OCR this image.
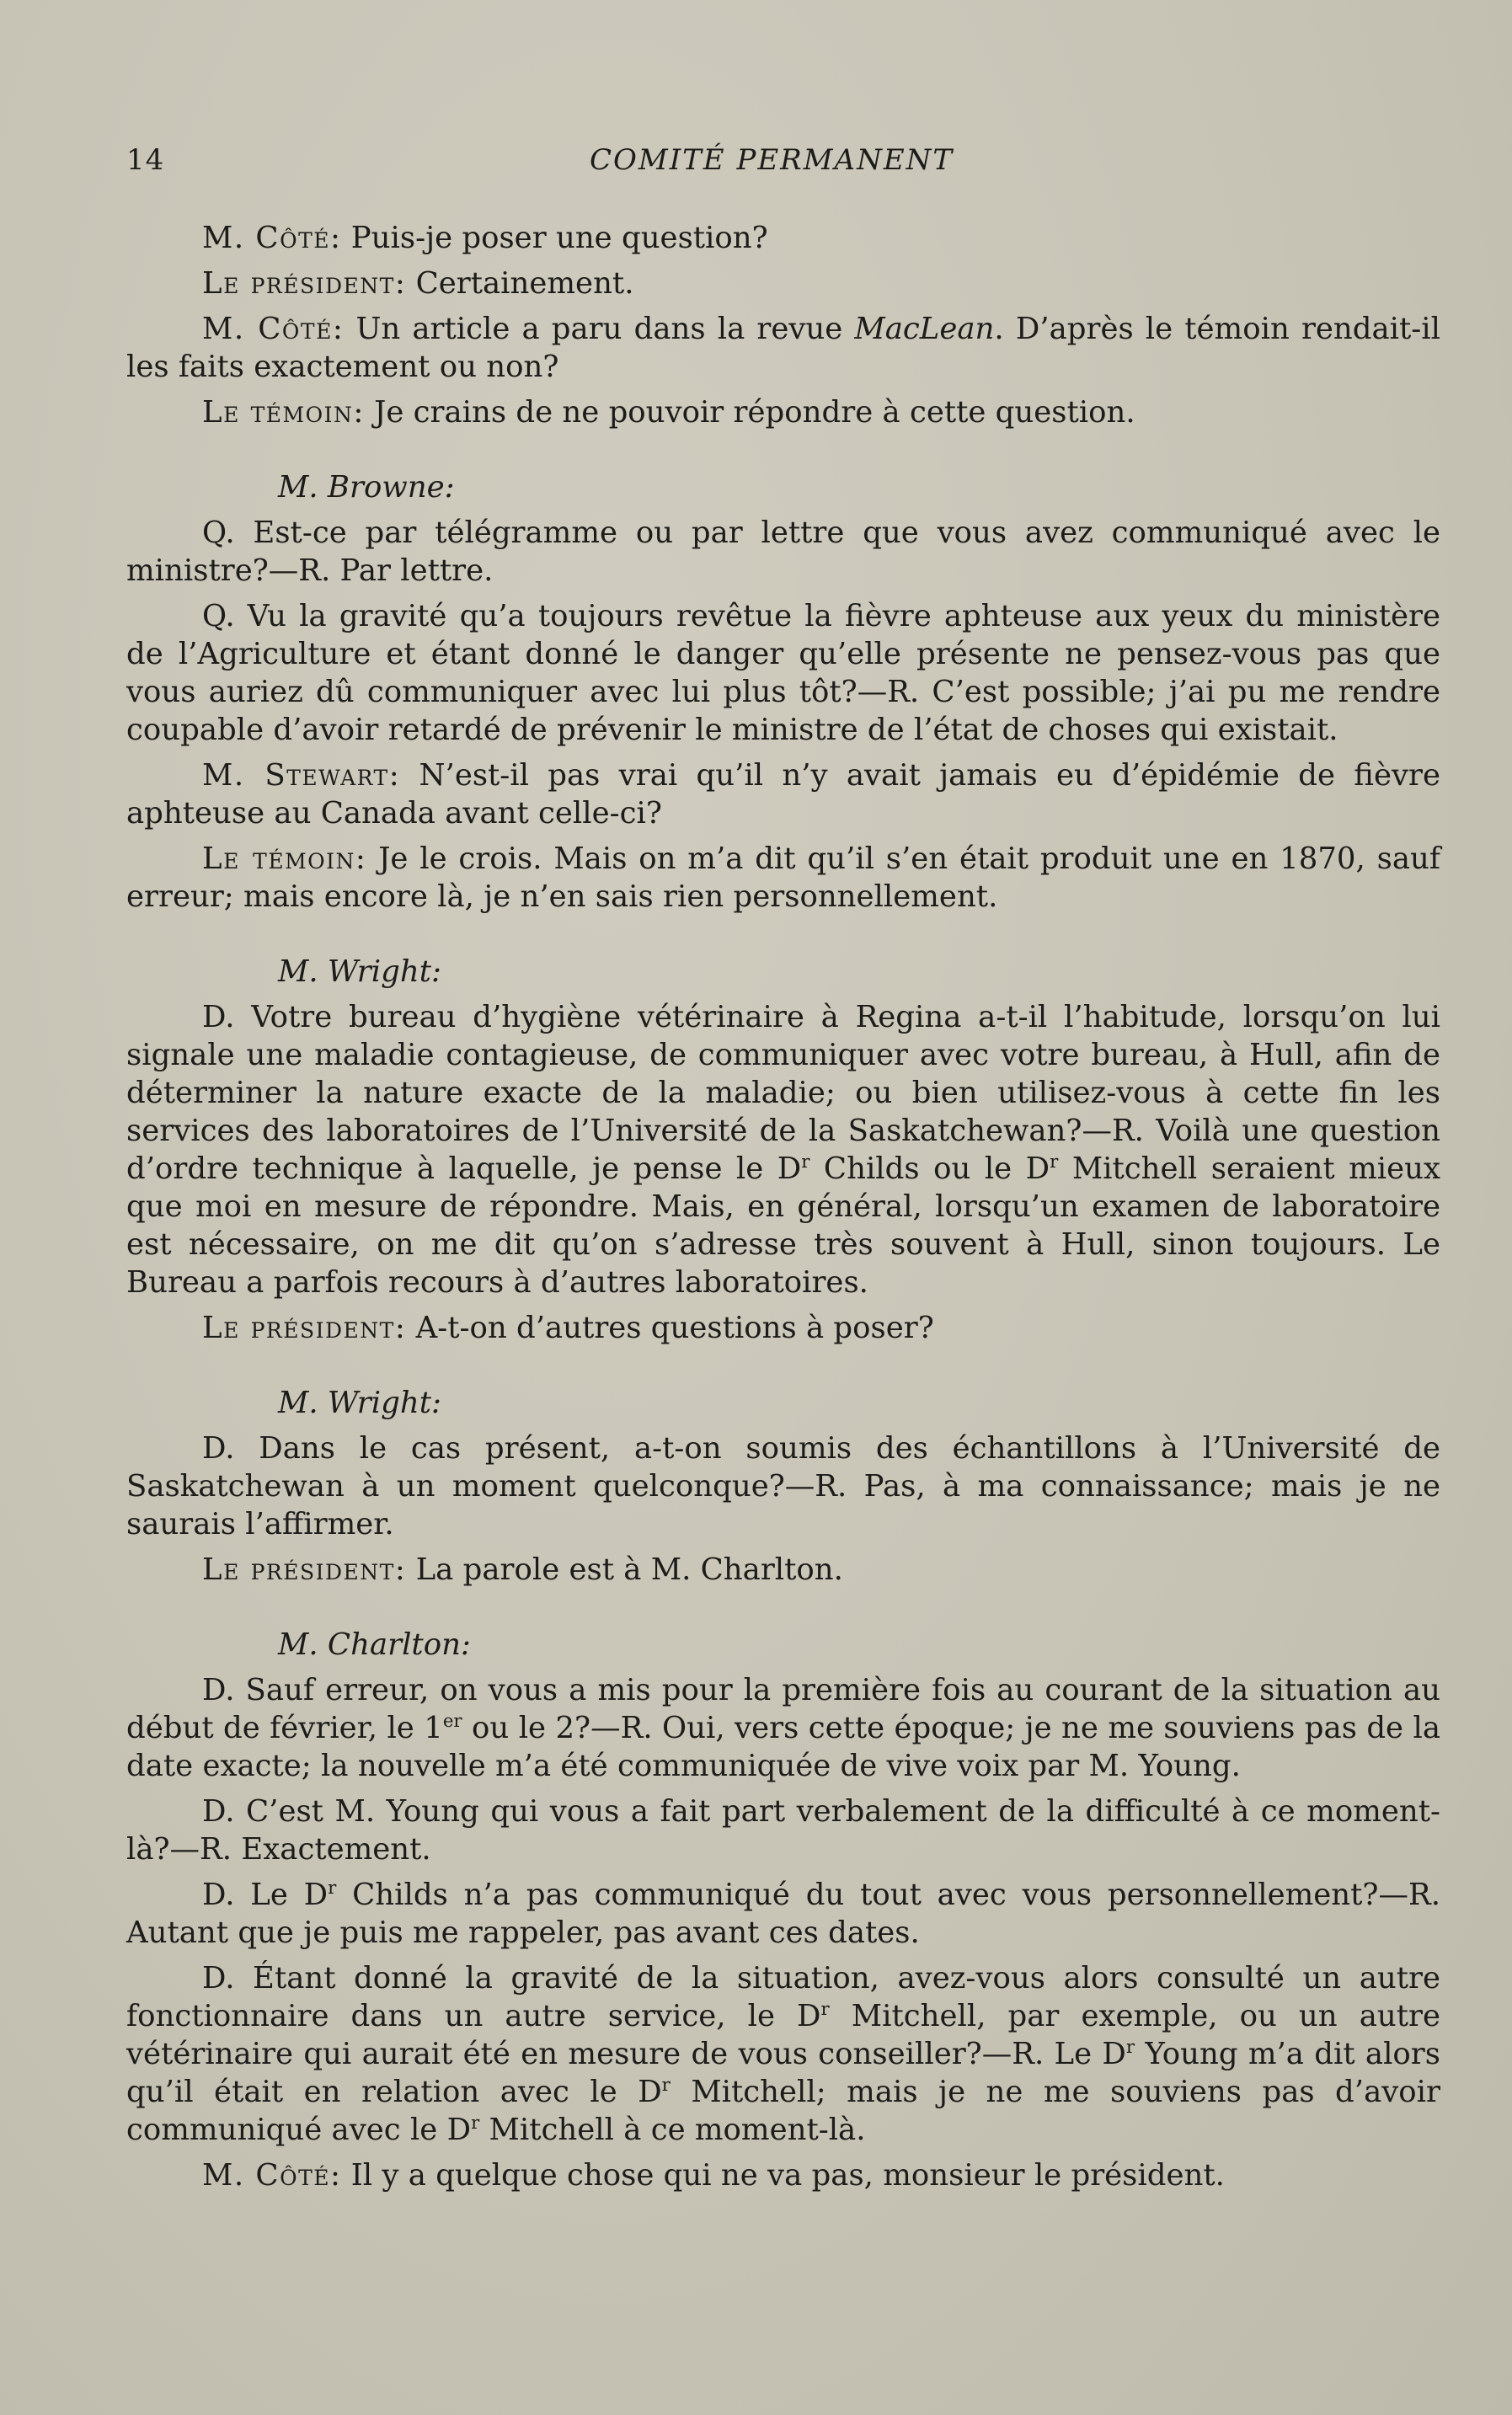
14	COMITÉ PERMANENT

M. Côté: Puis-je poser une question?

Le président: Certainement.

M. Côté: Un article a paru dans la revue MacLean. D’après le témoin rendait-il les faits exactement ou non?

Le témoin: Je crains de ne pouvoir répondre à cette question.

M. Browne:

Q. Est-ce par télégramme ou par lettre que vous avez communiqué avec le ministre?—R. Par lettre.

Q. Vu la gravité qu’a toujours revêtue la fièvre aphteuse aux yeux du ministère de l’Agriculture et étant donné le danger qu’elle présente ne pensez-vous pas que vous auriez dû communiquer avec lui plus tôt?—R. C’est possible; j’ai pu me rendre coupable d’avoir retardé de prévenir le ministre de l’état de choses qui existait.

M. Stewart: N’est-il pas vrai qu’il n’y avait jamais eu d’épidémie de fièvre aphteuse au Canada avant celle-ci?

Le témoin: Je le crois. Mais on m’a dit qu’il s’en était produit une en 1870, sauf erreur; mais encore là, je n’en sais rien personnellement.

M. Wright:

D. Votre bureau d’hygiène vétérinaire à Regina a-t-il l’habitude, lorsqu’on lui signale une maladie contagieuse, de communiquer avec votre bureau, à Hull, afin de déterminer la nature exacte de la maladie; ou bien utilisez-vous à cette fin les services des laboratoires de l’Université de la Saskatchewan?—R. Voilà une question d’ordre technique à laquelle, je pense le $D^r$ Childs ou le $D^r$ Mitchell seraient mieux que moi en mesure de répondre. Mais, en général, lorsqu’un examen de laboratoire est nécessaire, on me dit qu’on s’adresse très souvent à Hull, sinon toujours. Le Bureau a parfois recours à d’autres laboratoires.

Le président: A-t-on d’autres questions à poser?

M. Wright:

D. Dans le cas présent, a-t-on soumis des échantillons à l’Université de Saskatchewan à un moment quelconque?—R. Pas, à ma connaissance; mais je ne saurais l’affirmer.

Le président: La parole est à M. Charlton.

M. Charlton:

D. Sauf erreur, on vous a mis pour la première fois au courant de la situation au début de février, le 1er ou le 2?—R. Oui, vers cette époque; je ne me souviens pas de la date exacte; la nouvelle m’a été communiquée de vive voix par M. Young.

D. C’est M. Young qui vous a fait part verbalement de la difficulté à ce moment-là?—R. Exactement.

D. Le $D^r$ Childs n’a pas communiqué du tout avec vous personnellement?—R. Autant que je puis me rappeler, pas avant ces dates.

D. Étant donné la gravité de la situation, avez-vous alors consulté un autre fonctionnaire dans un autre service, le $D^r$ Mitchell, par exemple, ou un autre vétérinaire qui aurait été en mesure de vous conseiller?—R. Le $D^r$ Young m’a dit alors qu’il était en relation avec le $D^r$ Mitchell; mais je ne me souviens pas d’avoir communiqué avec le $D^r$ Mitchell à ce moment-là.

M. Côté: Il y a quelque chose qui ne va pas, monsieur le président.
